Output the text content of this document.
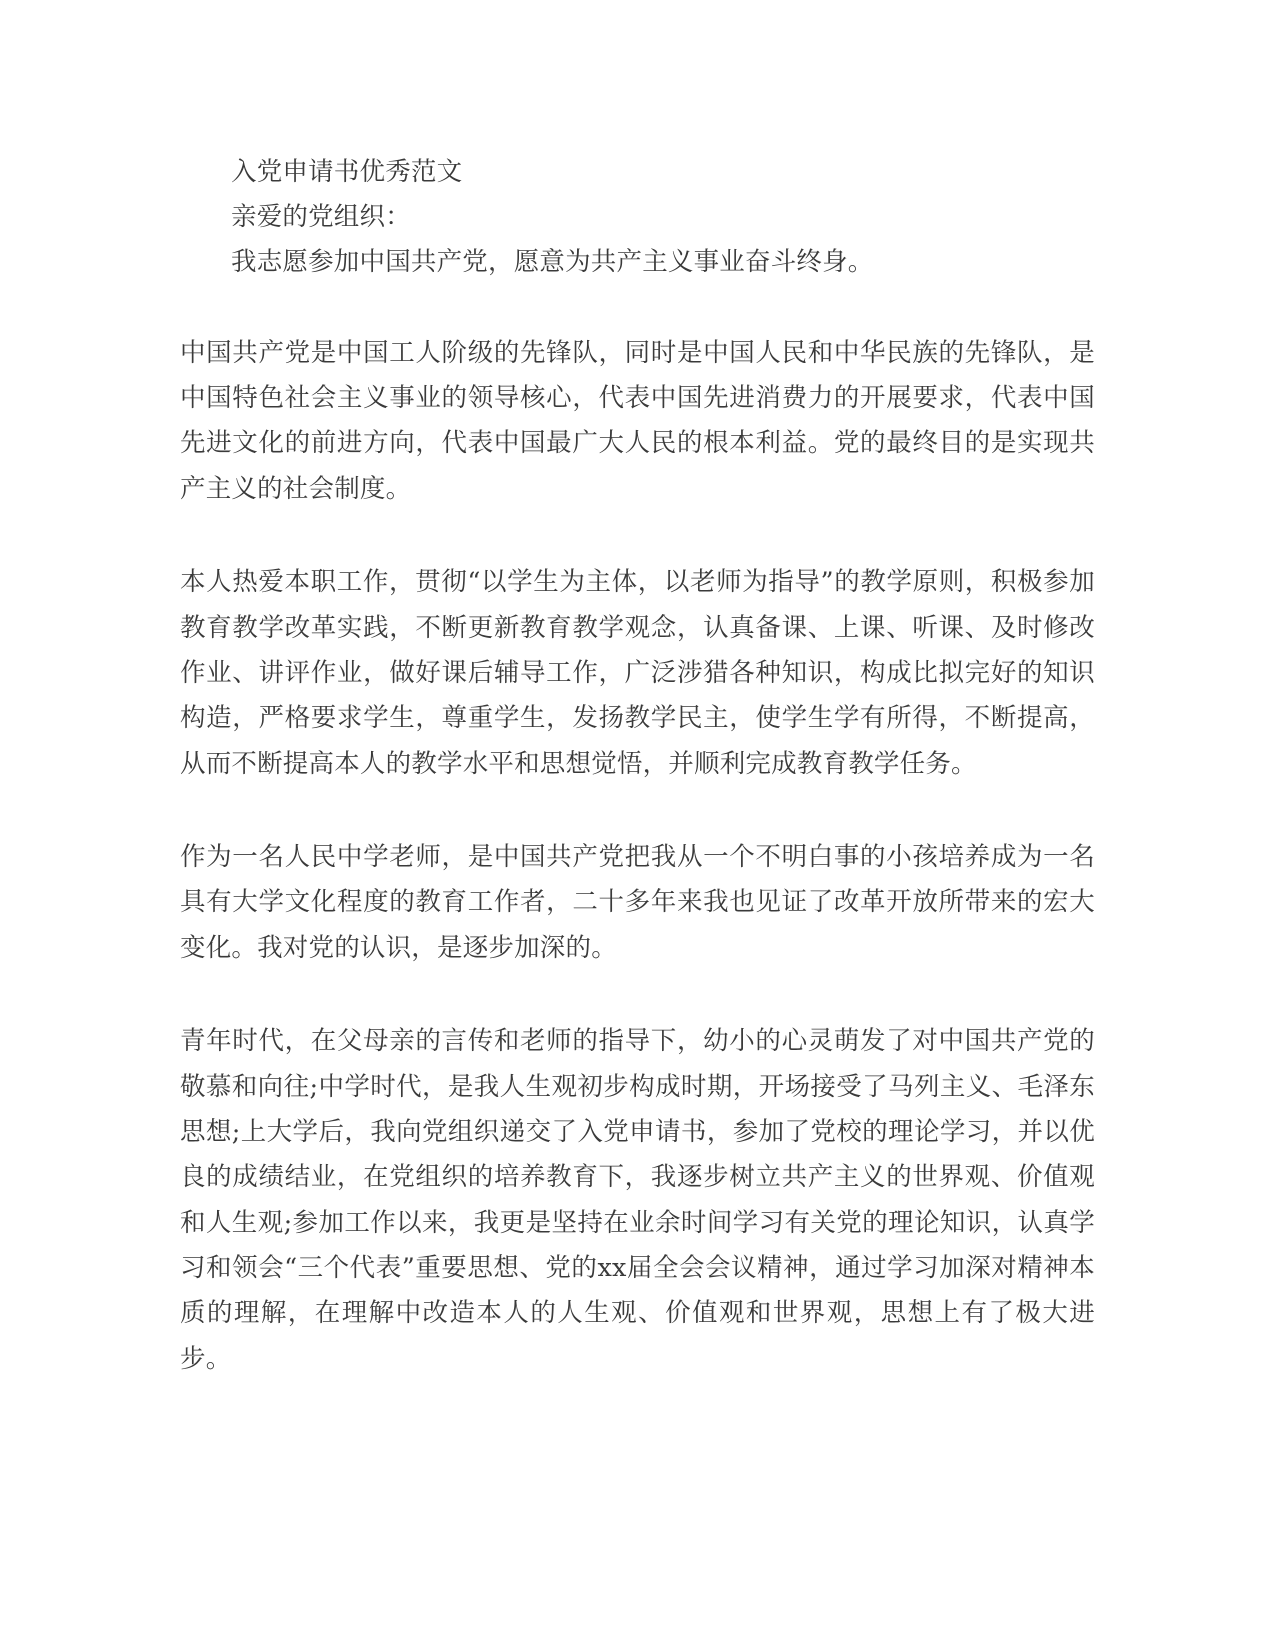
入党申请书优秀范文

亲爱的党组织：

我志愿参加中国共产党，愿意为共产主义事业奋斗终身。

中国共产党是中国工人阶级的先锋队，同时是中国人民和中华民族的先锋队，是中国特色社会主义事业的领导核心，代表中国先进消费力的开展要求，代表中国先进文化的前进方向，代表中国最广大人民的根本利益。党的最终目的是实现共产主义的社会制度。

本人热爱本职工作，贯彻“以学生为主体，以老师为指导”的教学原则，积极参加教育教学改革实践，不断更新教育教学观念，认真备课、上课、听课、及时修改作业、讲评作业，做好课后辅导工作，广泛涉猎各种知识，构成比拟完好的知识构造，严格要求学生，尊重学生，发扬教学民主，使学生学有所得，不断提高，从而不断提高本人的教学水平和思想觉悟，并顺利完成教育教学任务。

作为一名人民中学老师，是中国共产党把我从一个不明白事的小孩培养成为一名具有大学文化程度的教育工作者，二十多年来我也见证了改革开放所带来的宏大变化。我对党的认识，是逐步加深的。

青年时代，在父母亲的言传和老师的指导下，幼小的心灵萌发了对中国共产党的敬慕和向往;中学时代，是我人生观初步构成时期，开场接受了马列主义、毛泽东思想;上大学后，我向党组织递交了入党申请书，参加了党校的理论学习，并以优良的成绩结业，在党组织的培养教育下，我逐步树立共产主义的世界观、价值观和人生观;参加工作以来，我更是坚持在业余时间学习有关党的理论知识，认真学习和领会“三个代表”重要思想、党的xx届全会会议精神，通过学习加深对精神本质的理解，在理解中改造本人的人生观、价值观和世界观，思想上有了极大进步。
